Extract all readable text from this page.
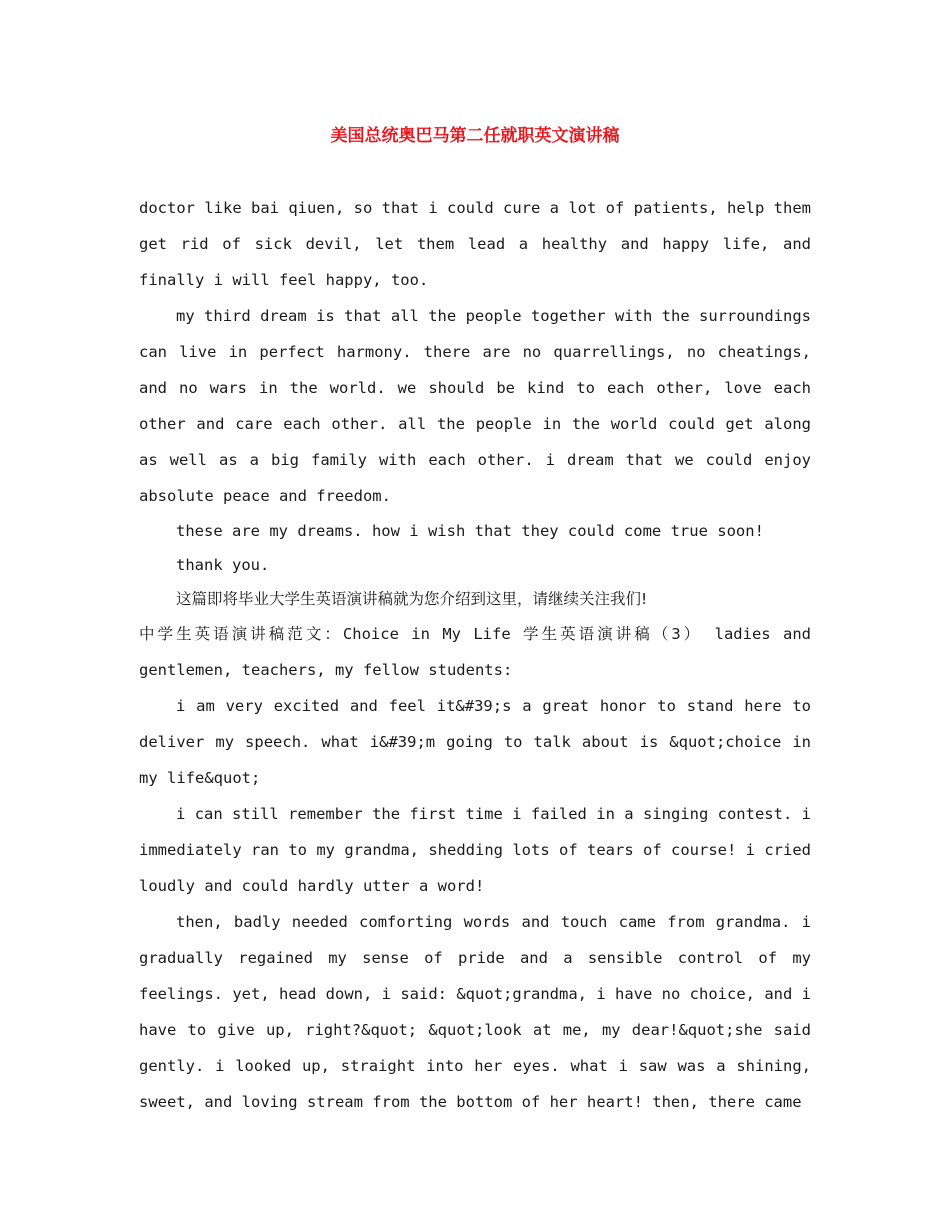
美国总统奥巴马第二任就职英文演讲稿

doctor like bai qiuen, so that i could cure a lot of patients, help them get rid of sick devil, let them lead a healthy and happy life, and finally i will feel happy, too.

my third dream is that all the people together with the surroundings can live in perfect harmony. there are no quarrellings, no cheatings, and no wars in the world. we should be kind to each other, love each other and care each other. all the people in the world could get along as well as a big family with each other. i dream that we could enjoy absolute peace and freedom.

these are my dreams. how i wish that they could come true soon!

thank you.

这篇即将毕业大学生英语演讲稿就为您介绍到这里，请继续关注我们!

中学生英语演讲稿范文：Choice in My Life 学生英语演讲稿（3） ladies and gentlemen, teachers, my fellow students:

i am very excited and feel it&#39;s a great honor to stand here to deliver my speech. what i&#39;m going to talk about is &quot;choice in my life&quot;

i can still remember the first time i failed in a singing contest. i immediately ran to my grandma, shedding lots of tears of course! i cried loudly and could hardly utter a word!

then, badly needed comforting words and touch came from grandma. i gradually regained my sense of pride and a sensible control of my feelings. yet, head down, i said: &quot;grandma, i have no choice, and i have to give up, right?&quot; &quot;look at me, my dear!&quot;she said gently. i looked up, straight into her eyes. what i saw was a shining, sweet, and loving stream from the bottom of her heart! then, there came
